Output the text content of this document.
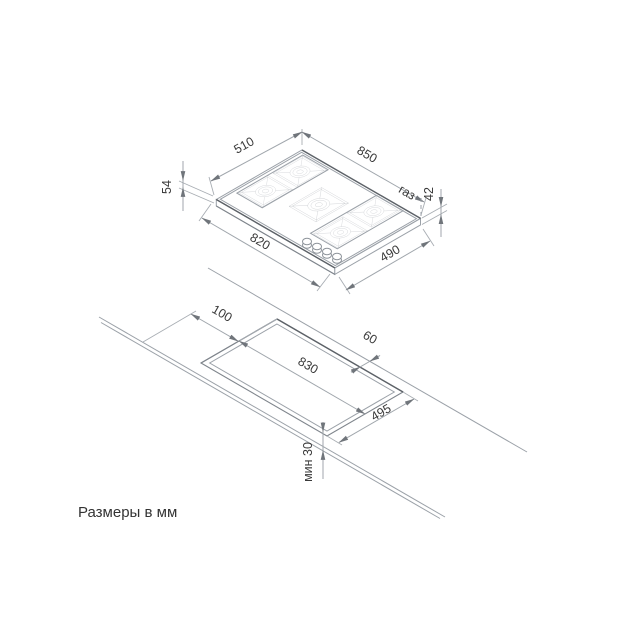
510	850
820
490
54
42
газ
100
830
60
495
мин 30
Размеры в мм
